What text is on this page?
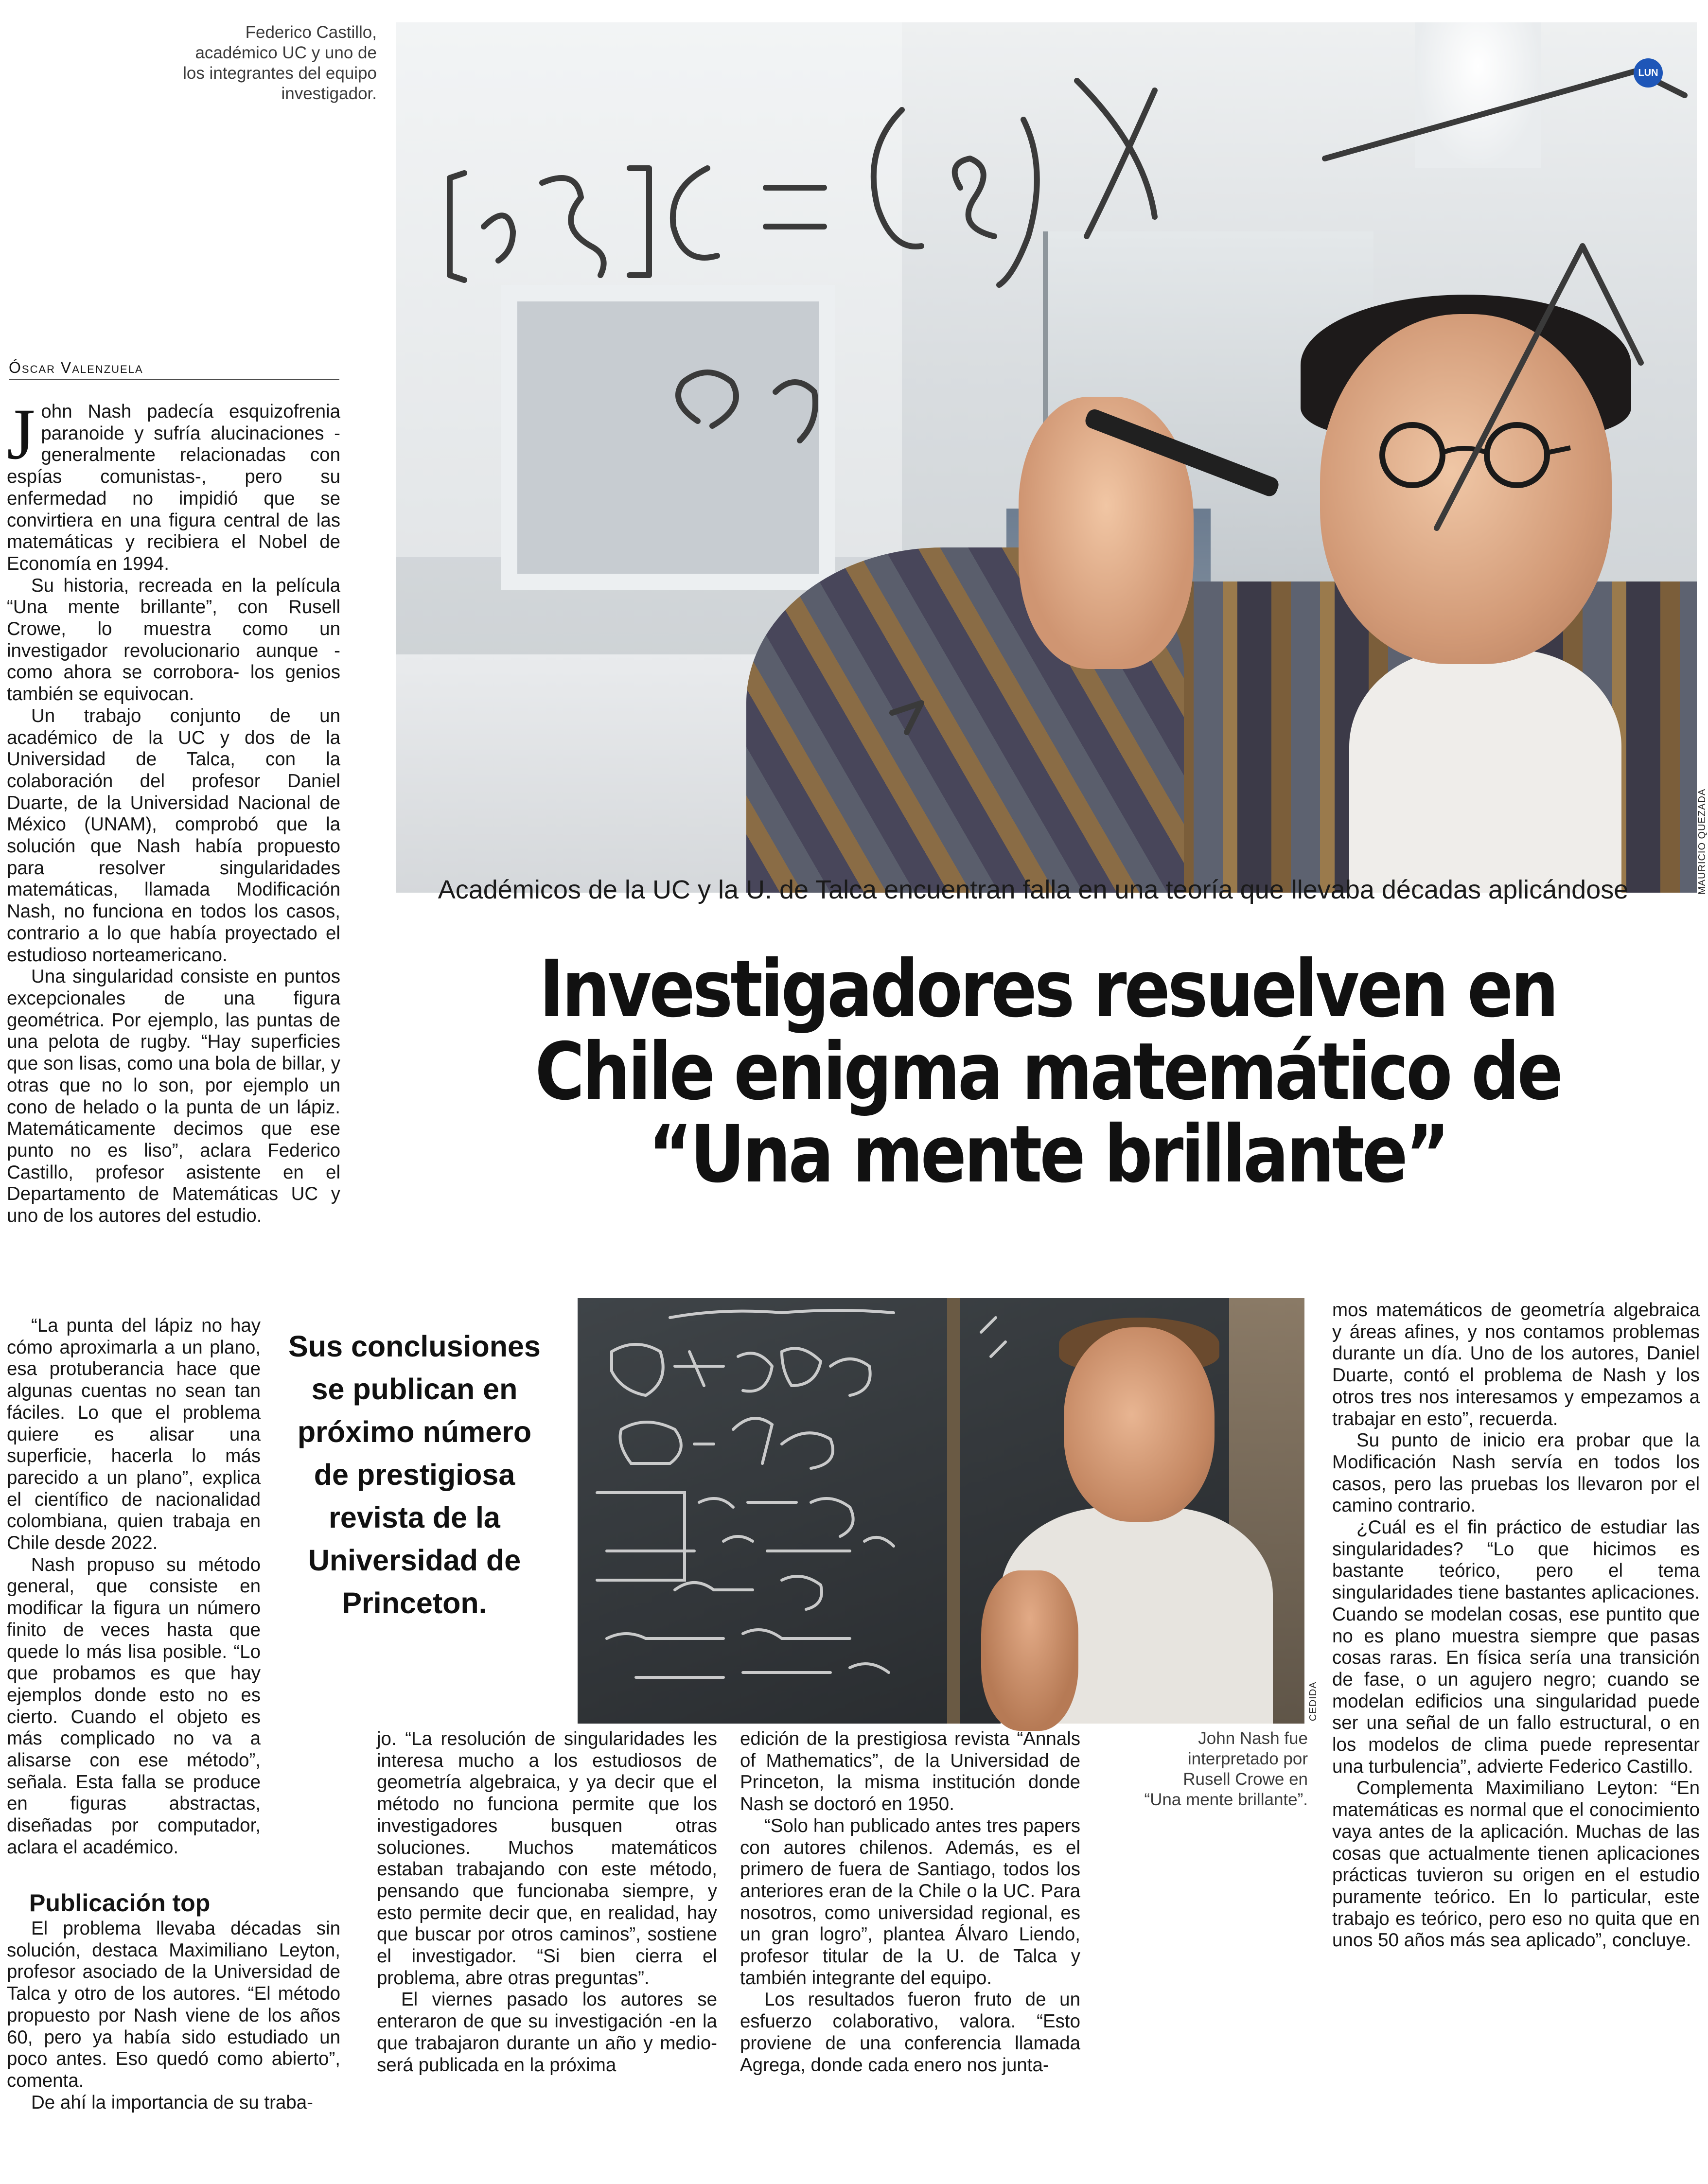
LUN
MAURICIO QUEZADA
Federico Castillo, académico UC y uno de los integrantes del equipo investigador.
Óscar Valenzuela
Académicos de la UC y la U. de Talca encuentran falla en una teoría que llevaba décadas aplicándose
Investigadores resuelven en Chile enigma matemático de “Una mente brillante”
J ohn Nash padecía esquizofrenia paranoide y sufría alucinaciones -generalmente relacionadas con espías comunistas-, pero su enfermedad no impidió que se convirtiera en una figura central de las matemáticas y recibiera el Nobel de Economía en 1994.

Su historia, recreada en la película “Una mente brillante”, con Rusell Crowe, lo muestra como un investigador revolucionario aunque -como ahora se corrobora- los genios también se equivocan.

Un trabajo conjunto de un académico de la UC y dos de la Universidad de Talca, con la colaboración del profesor Daniel Duarte, de la Universidad Nacional de México (UNAM), comprobó que la solución que Nash había propuesto para resolver singularidades matemáticas, llamada Modificación Nash, no funciona en todos los casos, contrario a lo que había proyectado el estudioso norteamericano.

Una singularidad consiste en puntos excepcionales de una figura geométrica. Por ejemplo, las puntas de una pelota de rugby. “Hay superficies que son lisas, como una bola de billar, y otras que no lo son, por ejemplo un cono de helado o la punta de un lápiz. Matemáticamente decimos que ese punto no es liso”, aclara Federico Castillo, profesor asistente en el Departamento de Matemáticas UC y uno de los autores del estudio.

“La punta del lápiz no hay cómo aproximarla a un plano, esa protuberancia hace que algunas cuentas no sean tan fáciles. Lo que el problema quiere es alisar una superficie, hacerla lo más parecido a un plano”, explica el científico de nacionalidad colombiana, quien trabaja en Chile desde 2022.

Nash propuso su método general, que consiste en modificar la figura un número finito de veces hasta que quede lo más lisa posible. “Lo que probamos es que hay ejemplos donde esto no es cierto. Cuando el objeto es más complicado no va a alisarse con ese método”, señala. Esta falla se produce en figuras abstractas, diseñadas por computador, aclara el académico.

Publicación top

El problema llevaba décadas sin solución, destaca Maximiliano Leyton, profesor asociado de la Universidad de Talca y otro de los autores. “El método propuesto por Nash viene de los años 60, pero ya había sido estudiado un poco antes. Eso quedó como abierto”, comenta.

De ahí la importancia de su traba-

Sus conclusiones se publican en próximo número de prestigiosa revista de la Universidad de Princeton.
CEDIDA

jo. “La resolución de singularidades les interesa mucho a los estudiosos de geometría algebraica, y ya decir que el método no funciona permite que los investigadores busquen otras soluciones. Muchos matemáticos estaban trabajando con este método, pensando que funcionaba siempre, y esto permite decir que, en realidad, hay que buscar por otros caminos”, sostiene el investigador. “Si bien cierra el problema, abre otras preguntas”.

El viernes pasado los autores se enteraron de que su investigación -en la que trabajaron durante un año y medio- será publicada en la próxima

edición de la prestigiosa revista “Annals of Mathematics”, de la Universidad de Princeton, la misma institución donde Nash se doctoró en 1950.

“Solo han publicado antes tres papers con autores chilenos. Además, es el primero de fuera de Santiago, todos los anteriores eran de la Chile o la UC. Para nosotros, como universidad regional, es un gran logro”, plantea Álvaro Liendo, profesor titular de la U. de Talca y también integrante del equipo.

Los resultados fueron fruto de un esfuerzo colaborativo, valora. “Esto proviene de una conferencia llamada Agrega, donde cada enero nos junta-

John Nash fue interpretado por Rusell Crowe en “Una mente brillante”.

mos matemáticos de geometría algebraica y áreas afines, y nos contamos problemas durante un día. Uno de los autores, Daniel Duarte, contó el problema de Nash y los otros tres nos interesamos y empezamos a trabajar en esto”, recuerda.

Su punto de inicio era probar que la Modificación Nash servía en todos los casos, pero las pruebas los llevaron por el camino contrario.

¿Cuál es el fin práctico de estudiar las singularidades? “Lo que hicimos es bastante teórico, pero el tema singularidades tiene bastantes aplicaciones. Cuando se modelan cosas, ese puntito que no es plano muestra siempre que pasas cosas raras. En física sería una transición de fase, o un agujero negro; cuando se modelan edificios una singularidad puede ser una señal de un fallo estructural, o en los modelos de clima puede representar una turbulencia”, advierte Federico Castillo.

Complementa Maximiliano Leyton: “En matemáticas es normal que el conocimiento vaya antes de la aplicación. Muchas de las cosas que actualmente tienen aplicaciones prácticas tuvieron su origen en el estudio puramente teórico. En lo particular, este trabajo es teórico, pero eso no quita que en unos 50 años más sea aplicado”, concluye.
